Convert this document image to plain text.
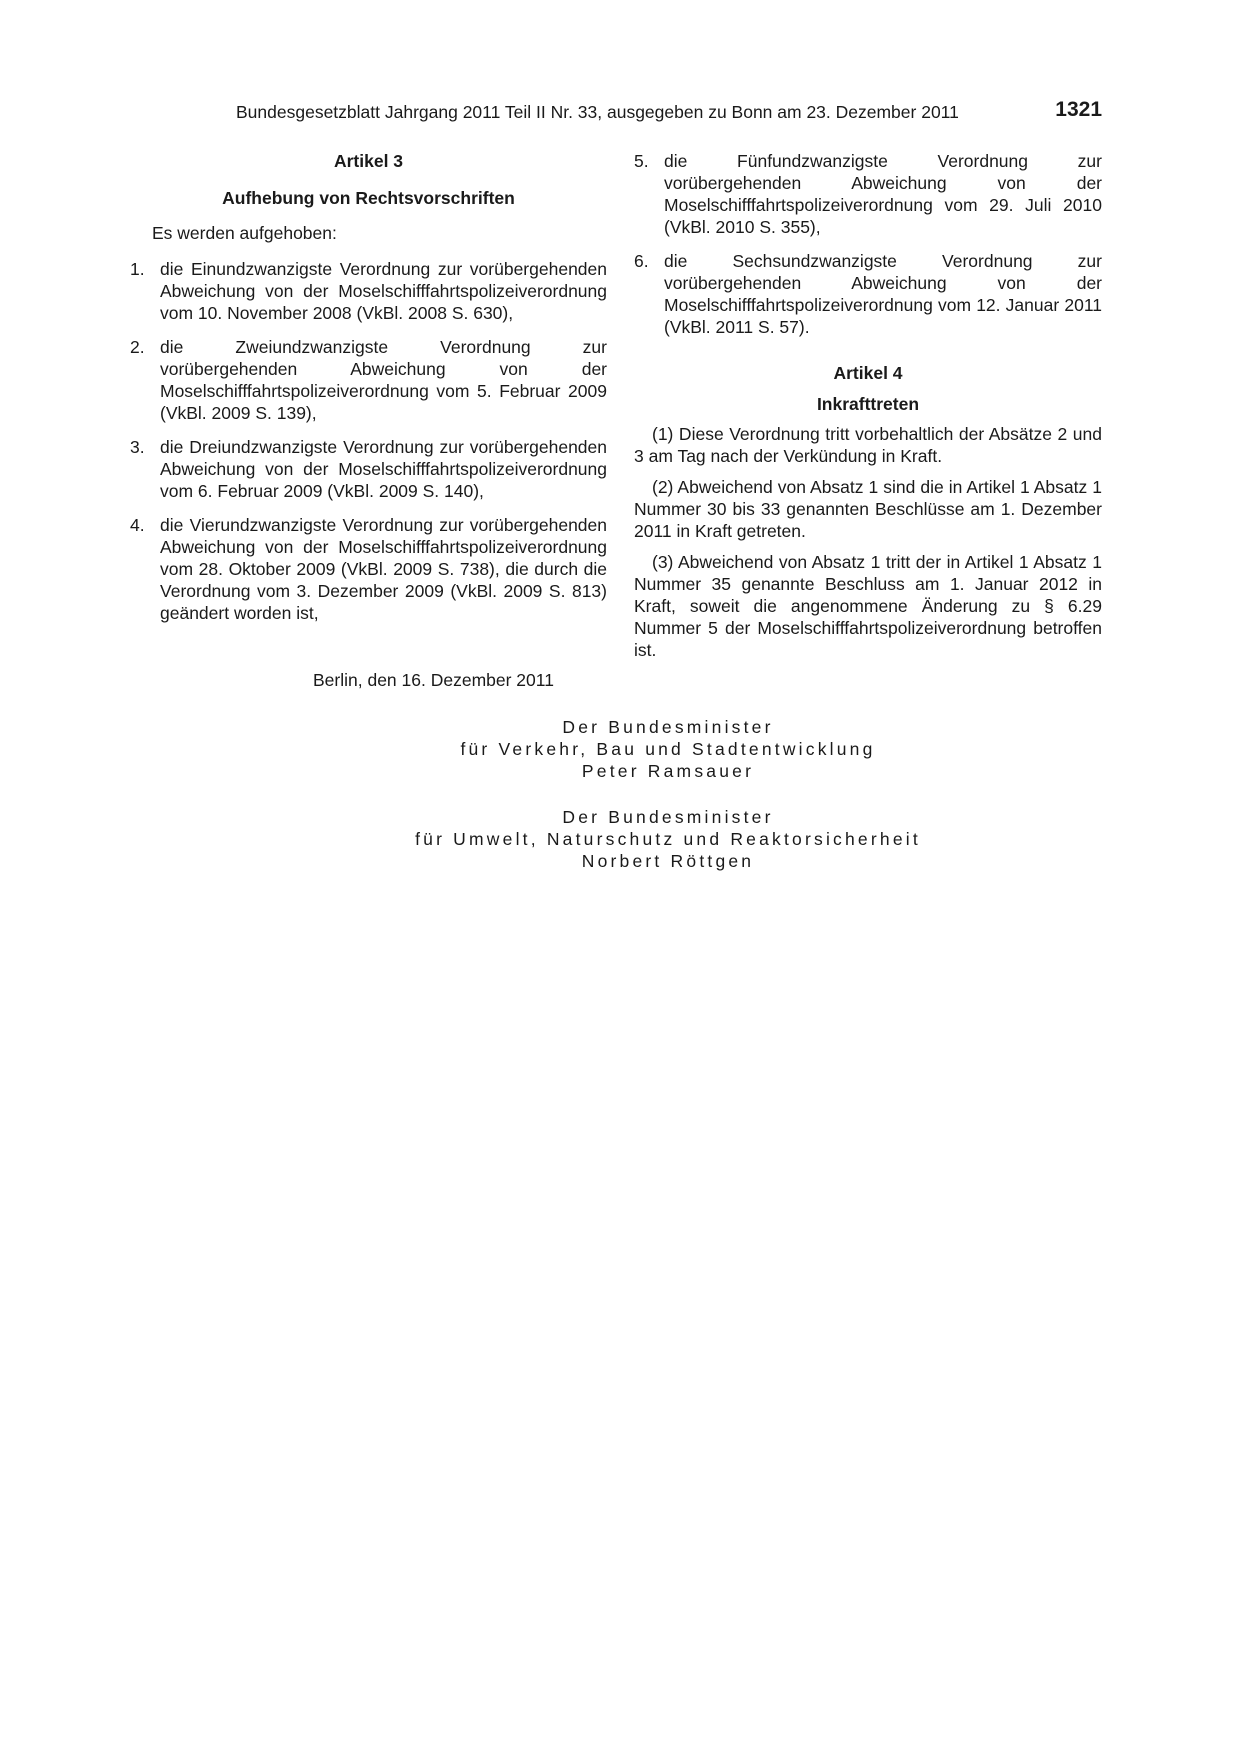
Bundesgesetzblatt Jahrgang 2011 Teil II Nr. 33, ausgegeben zu Bonn am 23. Dezember 2011	1321

Artikel 3

Aufhebung von Rechtsvorschriften

Es werden aufgehoben:

1. die Einundzwanzigste Verordnung zur vorübergehenden Abweichung von der Moselschifffahrtspolizeiverordnung vom 10. November 2008 (VkBl. 2008 S. 630),
2. die Zweiundzwanzigste Verordnung zur vorübergehenden Abweichung von der Moselschifffahrtspolizeiverordnung vom 5. Februar 2009 (VkBl. 2009 S. 139),
3. die Dreiundzwanzigste Verordnung zur vorübergehenden Abweichung von der Moselschifffahrtspolizeiverordnung vom 6. Februar 2009 (VkBl. 2009 S. 140),
4. die Vierundzwanzigste Verordnung zur vorübergehenden Abweichung von der Moselschifffahrtspolizeiverordnung vom 28. Oktober 2009 (VkBl. 2009 S. 738), die durch die Verordnung vom 3. Dezember 2009 (VkBl. 2009 S. 813) geändert worden ist,
5. die Fünfundzwanzigste Verordnung zur vorübergehenden Abweichung von der Moselschifffahrtspolizeiverordnung vom 29. Juli 2010 (VkBl. 2010 S. 355),
6. die Sechsundzwanzigste Verordnung zur vorübergehenden Abweichung von der Moselschifffahrtspolizeiverordnung vom 12. Januar 2011 (VkBl. 2011 S. 57).

Artikel 4

Inkrafttreten

(1) Diese Verordnung tritt vorbehaltlich der Absätze 2 und 3 am Tag nach der Verkündung in Kraft.

(2) Abweichend von Absatz 1 sind die in Artikel 1 Absatz 1 Nummer 30 bis 33 genannten Beschlüsse am 1. Dezember 2011 in Kraft getreten.

(3) Abweichend von Absatz 1 tritt der in Artikel 1 Absatz 1 Nummer 35 genannte Beschluss am 1. Januar 2012 in Kraft, soweit die angenommene Änderung zu § 6.29 Nummer 5 der Moselschifffahrtspolizeiverordnung betroffen ist.

Berlin, den 16. Dezember 2011
Der Bundesminister
für Verkehr, Bau und Stadtentwicklung
Peter Ramsauer
Der Bundesminister
für Umwelt, Naturschutz und Reaktorsicherheit
Norbert Röttgen
